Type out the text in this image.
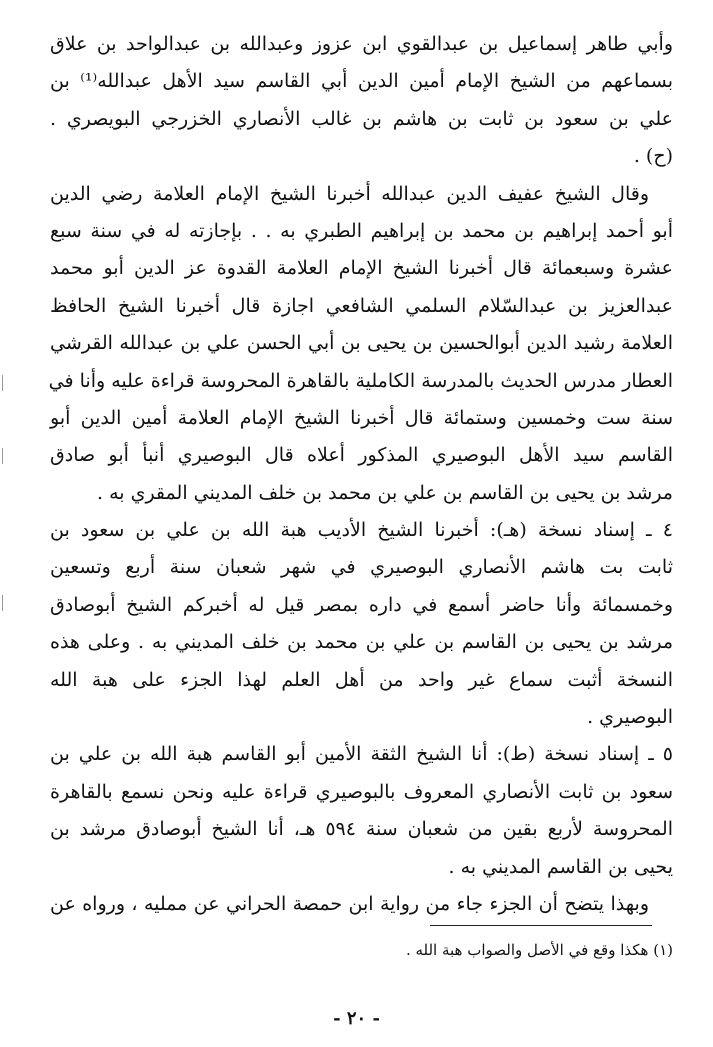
وأبي طاهر إسماعيل بن عبدالقوي ابن عزوز وعبدالله بن عبدالواحد بن علاق
بسماعهم من الشيخ الإمام أمين الدين أبي القاسم سيد الأهل عبدالله⁽¹⁾ بن
علي بن سعود بن ثابت بن هاشم بن غالب الأنصاري الخزرجي البويصري .
(ح) .
وقال الشيخ عفيف الدين عبدالله أخبرنا الشيخ الإمام العلامة رضي الدين
أبو أحمد إبراهيم بن محمد بن إبراهيم الطبري به . . بإجازته له في سنة سبع
عشرة وسبعمائة قال أخبرنا الشيخ الإمام العلامة القدوة عز الدين أبو محمد
عبدالعزيز بن عبدالسّلام السلمي الشافعي اجازة قال أخبرنا الشيخ الحافظ
العلامة رشيد الدين أبوالحسين بن يحيى بن أبي الحسن علي بن عبدالله القرشي
العطار مدرس الحديث بالمدرسة الكاملية بالقاهرة المحروسة قراءة عليه وأنا في
سنة ست وخمسين وستمائة قال أخبرنا الشيخ الإمام العلامة أمين الدين أبو
القاسم سيد الأهل البوصيري المذكور أعلاه قال البوصيري أنبأ أبو صادق
مرشد بن يحيى بن القاسم بن علي بن محمد بن خلف المديني المقري به .
٤ ـ إسناد نسخة (هـ): أخبرنا الشيخ الأديب هبة الله بن علي بن سعود بن
ثابت بت هاشم الأنصاري البوصيري في شهر شعبان سنة أربع وتسعين
وخمسمائة وأنا حاضر أسمع في داره بمصر قيل له أخبركم الشيخ أبوصادق
مرشد بن يحيى بن القاسم بن علي بن محمد بن خلف المديني به . وعلى هذه
النسخة أثبت سماع غير واحد من أهل العلم لهذا الجزء على هبة الله
البوصيري .
٥ ـ إسناد نسخة (ط): أنا الشيخ الثقة الأمين أبو القاسم هبة الله بن علي بن
سعود بن ثابت الأنصاري المعروف بالبوصيري قراءة عليه ونحن نسمع بالقاهرة
المحروسة لأربع بقين من شعبان سنة ٥٩٤ هـ، أنا الشيخ أبوصادق مرشد بن
يحيى بن القاسم المديني به .
وبهذا يتضح أن الجزء جاء من رواية ابن حمصة الحراني عن ممليه ، ورواه عن
(١) هكذا وقع في الأصل والصواب هبة الله .
- ٢٠ -
